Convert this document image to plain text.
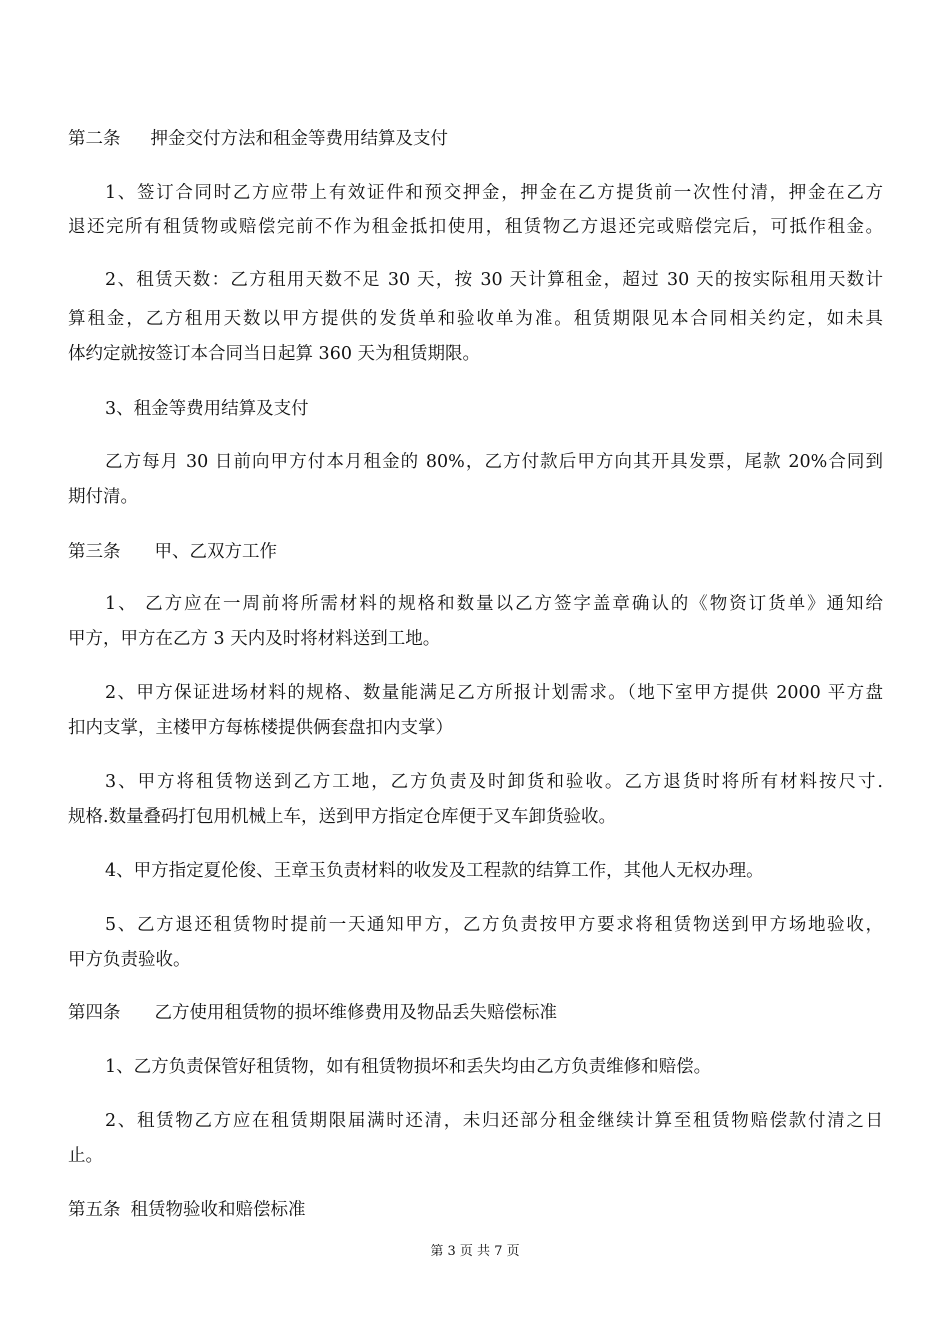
第二条 押金交付方法和租金等费用结算及支付
1、签订合同时乙方应带上有效证件和预交押金，押金在乙方提货前一次性付清，押金在乙方
退还完所有租赁物或赔偿完前不作为租金抵扣使用，租赁物乙方退还完或赔偿完后，可抵作租金。
2、租赁天数：乙方租用天数不足 30 天，按 30 天计算租金，超过 30 天的按实际租用天数计
算租金，乙方租用天数以甲方提供的发货单和验收单为准。租赁期限见本合同相关约定，如未具
体约定就按签订本合同当日起算 360 天为租赁期限。
3、租金等费用结算及支付
乙方每月 30 日前向甲方付本月租金的 80%，乙方付款后甲方向其开具发票，尾款 20%合同到
期付清。
第三条 甲、乙双方工作
1、 乙方应在一周前将所需材料的规格和数量以乙方签字盖章确认的《物资订货单》通知给
甲方，甲方在乙方 3 天内及时将材料送到工地。
2、甲方保证进场材料的规格、数量能满足乙方所报计划需求。（地下室甲方提供 2000 平方盘
扣内支掌，主楼甲方每栋楼提供俩套盘扣内支掌）
3、甲方将租赁物送到乙方工地，乙方负责及时卸货和验收。乙方退货时将所有材料按尺寸.
规格.数量叠码打包用机械上车，送到甲方指定仓库便于叉车卸货验收。
4、甲方指定夏伦俊、王章玉负责材料的收发及工程款的结算工作，其他人无权办理。
5、乙方退还租赁物时提前一天通知甲方，乙方负责按甲方要求将租赁物送到甲方场地验收，
甲方负责验收。
第四条 乙方使用租赁物的损坏维修费用及物品丢失赔偿标准
1、乙方负责保管好租赁物，如有租赁物损坏和丢失均由乙方负责维修和赔偿。
2、租赁物乙方应在租赁期限届满时还清，未归还部分租金继续计算至租赁物赔偿款付清之日
止。
第五条 租赁物验收和赔偿标准
第 3 页 共 7 页
